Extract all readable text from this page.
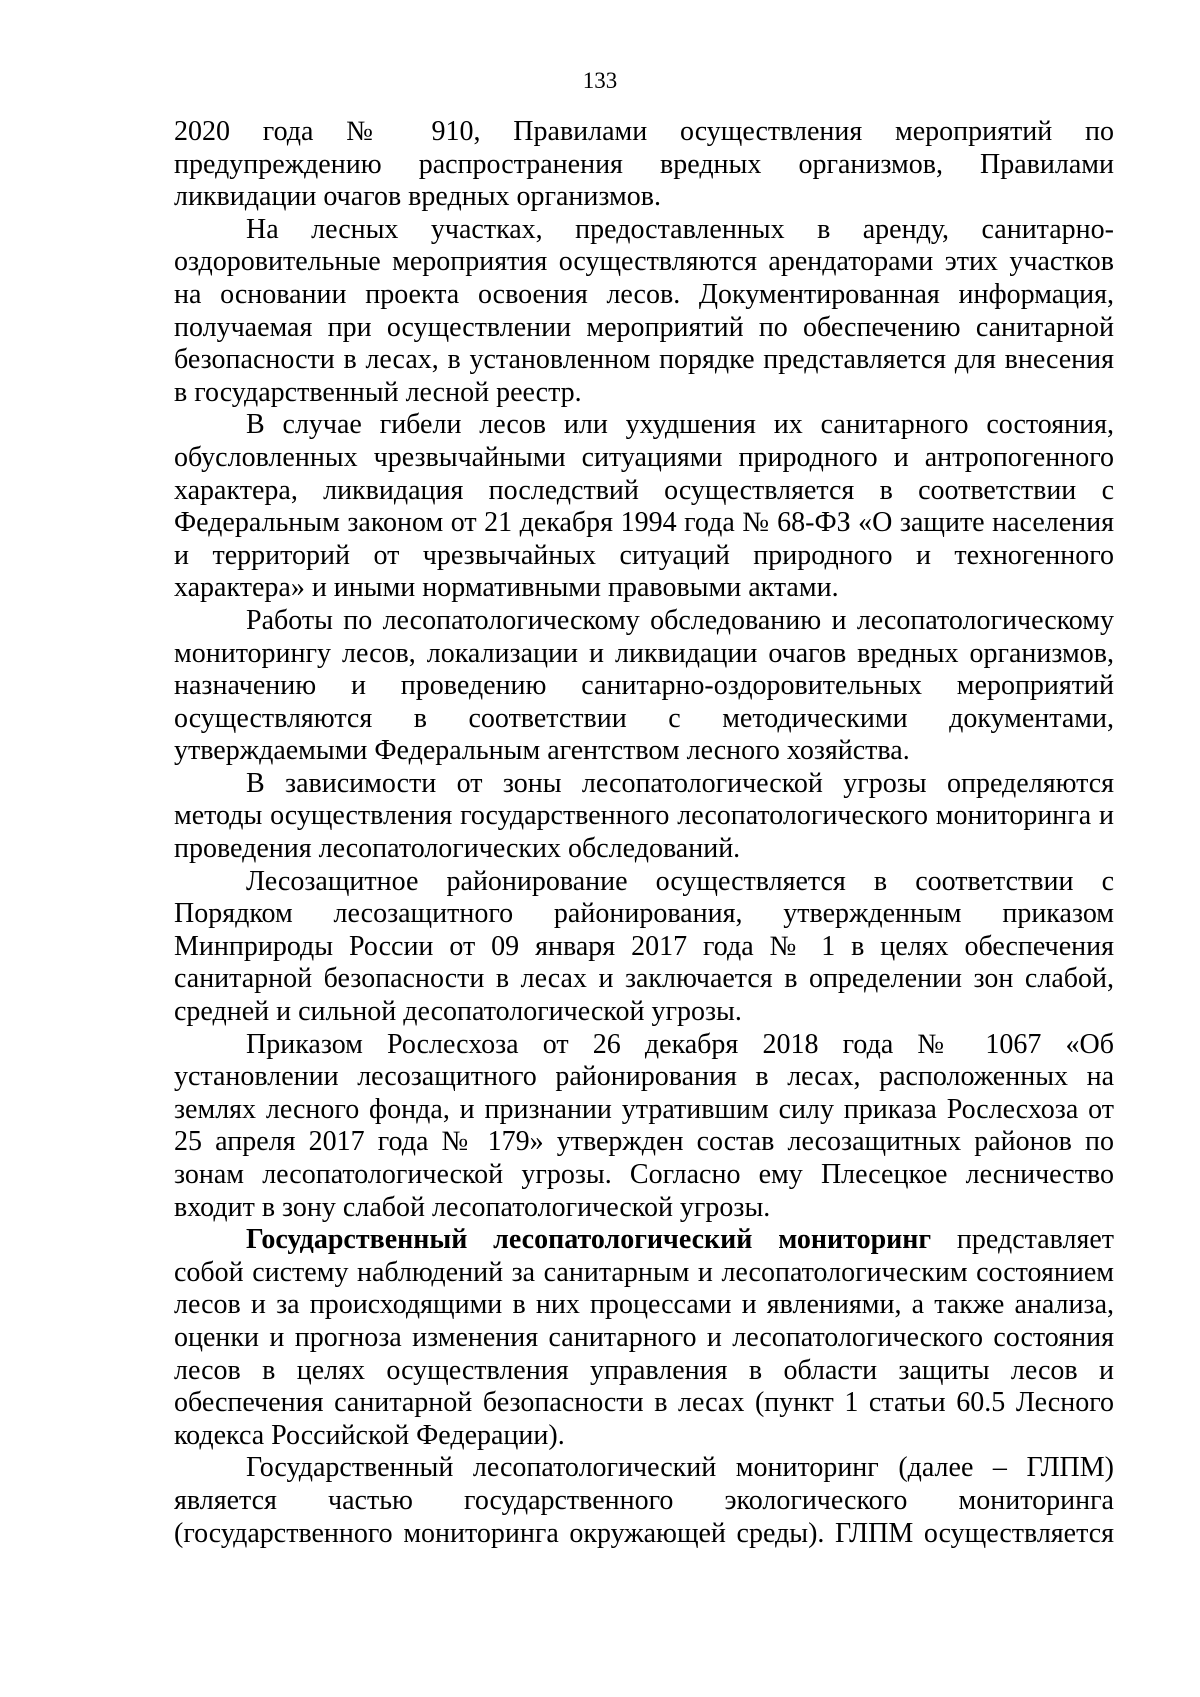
133

2020 года № 910, Правилами осуществления мероприятий по предупреждению распространения вредных организмов, Правилами ликвидации очагов вредных организмов.

На лесных участках, предоставленных в аренду, санитарно-оздоровительные мероприятия осуществляются арендаторами этих участков на основании проекта освоения лесов. Документированная информация, получаемая при осуществлении мероприятий по обеспечению санитарной безопасности в лесах, в установленном порядке представляется для внесения в государственный лесной реестр.

В случае гибели лесов или ухудшения их санитарного состояния, обусловленных чрезвычайными ситуациями природного и антропогенного характера, ликвидация последствий осуществляется в соответствии с Федеральным законом от 21 декабря 1994 года № 68-ФЗ «О защите населения и территорий от чрезвычайных ситуаций природного и техногенного характера» и иными нормативными правовыми актами.

Работы по лесопатологическому обследованию и лесопатологическому мониторингу лесов, локализации и ликвидации очагов вредных организмов, назначению и проведению санитарно-оздоровительных мероприятий осуществляются в соответствии с методическими документами, утверждаемыми Федеральным агентством лесного хозяйства.

В зависимости от зоны лесопатологической угрозы определяются методы осуществления государственного лесопатологического мониторинга и проведения лесопатологических обследований.

Лесозащитное районирование осуществляется в соответствии с Порядком лесозащитного районирования, утвержденным приказом Минприроды России от 09 января 2017 года № 1 в целях обеспечения санитарной безопасности в лесах и заключается в определении зон слабой, средней и сильной десопатологической угрозы.

Приказом Рослесхоза от 26 декабря 2018 года № 1067 «Об установлении лесозащитного районирования в лесах, расположенных на землях лесного фонда, и признании утратившим силу приказа Рослесхоза от 25 апреля 2017 года № 179» утвержден состав лесозащитных районов по зонам лесопатологической угрозы. Согласно ему Плесецкое лесничество входит в зону слабой лесопатологической угрозы.

Государственный лесопатологический мониторинг представляет собой систему наблюдений за санитарным и лесопатологическим состоянием лесов и за происходящими в них процессами и явлениями, а также анализа, оценки и прогноза изменения санитарного и лесопатологического состояния лесов в целях осуществления управления в области защиты лесов и обеспечения санитарной безопасности в лесах (пункт 1 статьи 60.5 Лесного кодекса Российской Федерации).

Государственный лесопатологический мониторинг (далее – ГЛПМ) является частью государственного экологического мониторинга (государственного мониторинга окружающей среды). ГЛПМ осуществляется
